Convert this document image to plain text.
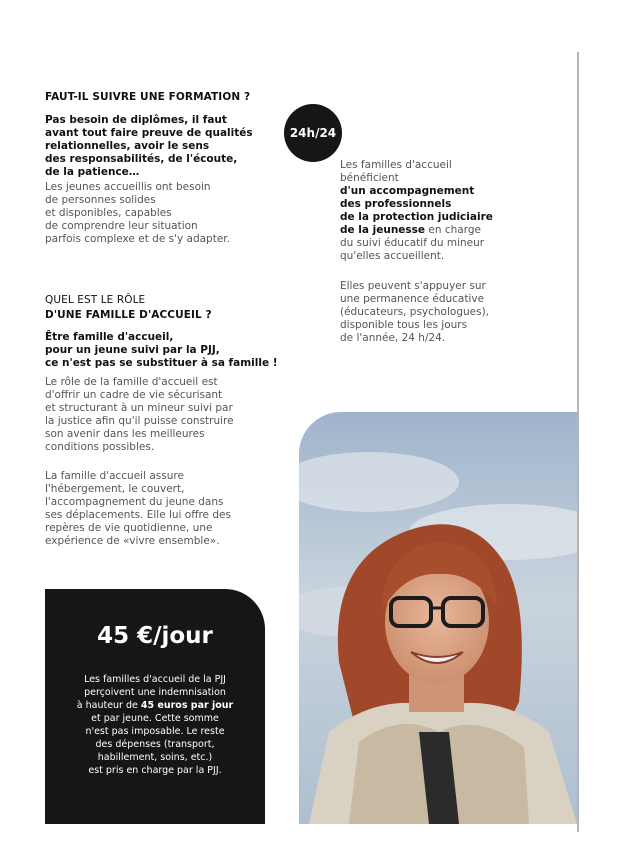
FAUT-IL SUIVRE UNE FORMATION ?

Pas besoin de diplômes, il faut
avant tout faire preuve de qualités
relationnelles, avoir le sens
des responsabilités, de l'écoute,
de la patience…

Les jeunes accueillis ont besoin
de personnes solides
et disponibles, capables
de comprendre leur situation
parfois complexe et de s'y adapter.

QUEL EST LE RÔLE
D'UNE FAMILLE D'ACCUEIL ?

Être famille d'accueil,
pour un jeune suivi par la PJJ,
ce n'est pas se substituer à sa famille !

Le rôle de la famille d'accueil est
d'offrir un cadre de vie sécurisant
et structurant à un mineur suivi par
la justice afin qu'il puisse construire
son avenir dans les meilleures
conditions possibles.

La famille d'accueil assure
l'hébergement, le couvert,
l'accompagnement du jeune dans
ses déplacements. Elle lui offre des
repères de vie quotidienne, une
expérience de «vivre ensemble».

24h/24

Les familles d'accueil
bénéficient
d'un accompagnement
des professionnels
de la protection judiciaire
de la jeunesse en charge
du suivi éducatif du mineur
qu'elles accueillent.

Elles peuvent s'appuyer sur
une permanence éducative
(éducateurs, psychologues),
disponible tous les jours
de l'année, 24 h/24.

45 €/jour

Les familles d'accueil de la PJJ
perçoivent une indemnisation
à hauteur de 45 euros par jour
et par jeune. Cette somme
n'est pas imposable. Le reste
des dépenses (transport,
habillement, soins, etc.)
est pris en charge par la PJJ.
